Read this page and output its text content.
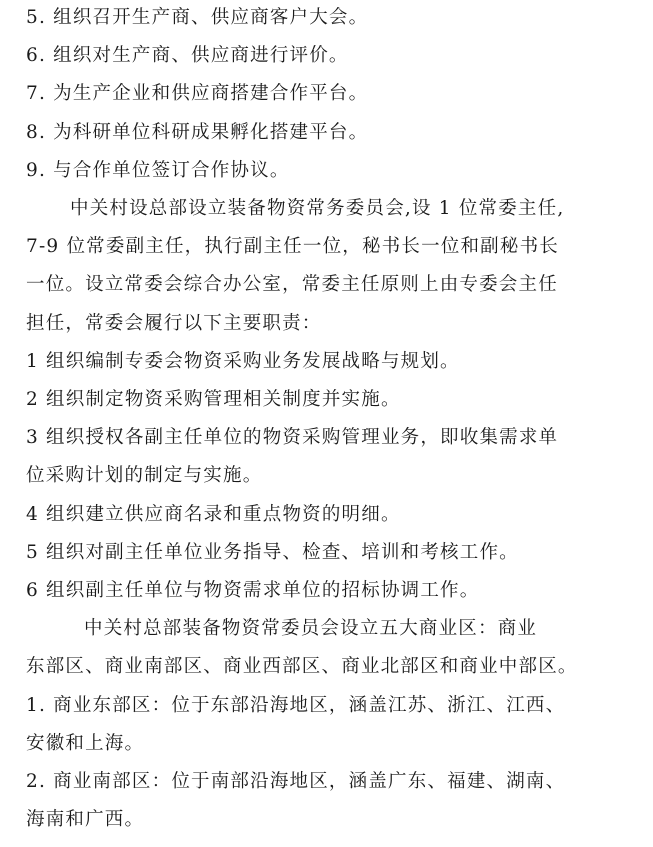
5. 组织召开生产商、供应商客户大会。
6. 组织对生产商、供应商进行评价。
7. 为生产企业和供应商搭建合作平台。
8. 为科研单位科研成果孵化搭建平台。
9. 与合作单位签订合作协议。
中关村设总部设立装备物资常务委员会,设 1 位常委主任,
7-9 位常委副主任，执行副主任一位，秘书长一位和副秘书长
一位。设立常委会综合办公室，常委主任原则上由专委会主任
担任，常委会履行以下主要职责：
1 组织编制专委会物资采购业务发展战略与规划。
2 组织制定物资采购管理相关制度并实施。
3 组织授权各副主任单位的物资采购管理业务，即收集需求单
位采购计划的制定与实施。
4 组织建立供应商名录和重点物资的明细。
5 组织对副主任单位业务指导、检查、培训和考核工作。
6 组织副主任单位与物资需求单位的招标协调工作。
中关村总部装备物资常委员会设立五大商业区：商业
东部区、商业南部区、商业西部区、商业北部区和商业中部区。
1. 商业东部区：位于东部沿海地区，涵盖江苏、浙江、江西、
安徽和上海。
2. 商业南部区：位于南部沿海地区，涵盖广东、福建、湖南、
海南和广西。
